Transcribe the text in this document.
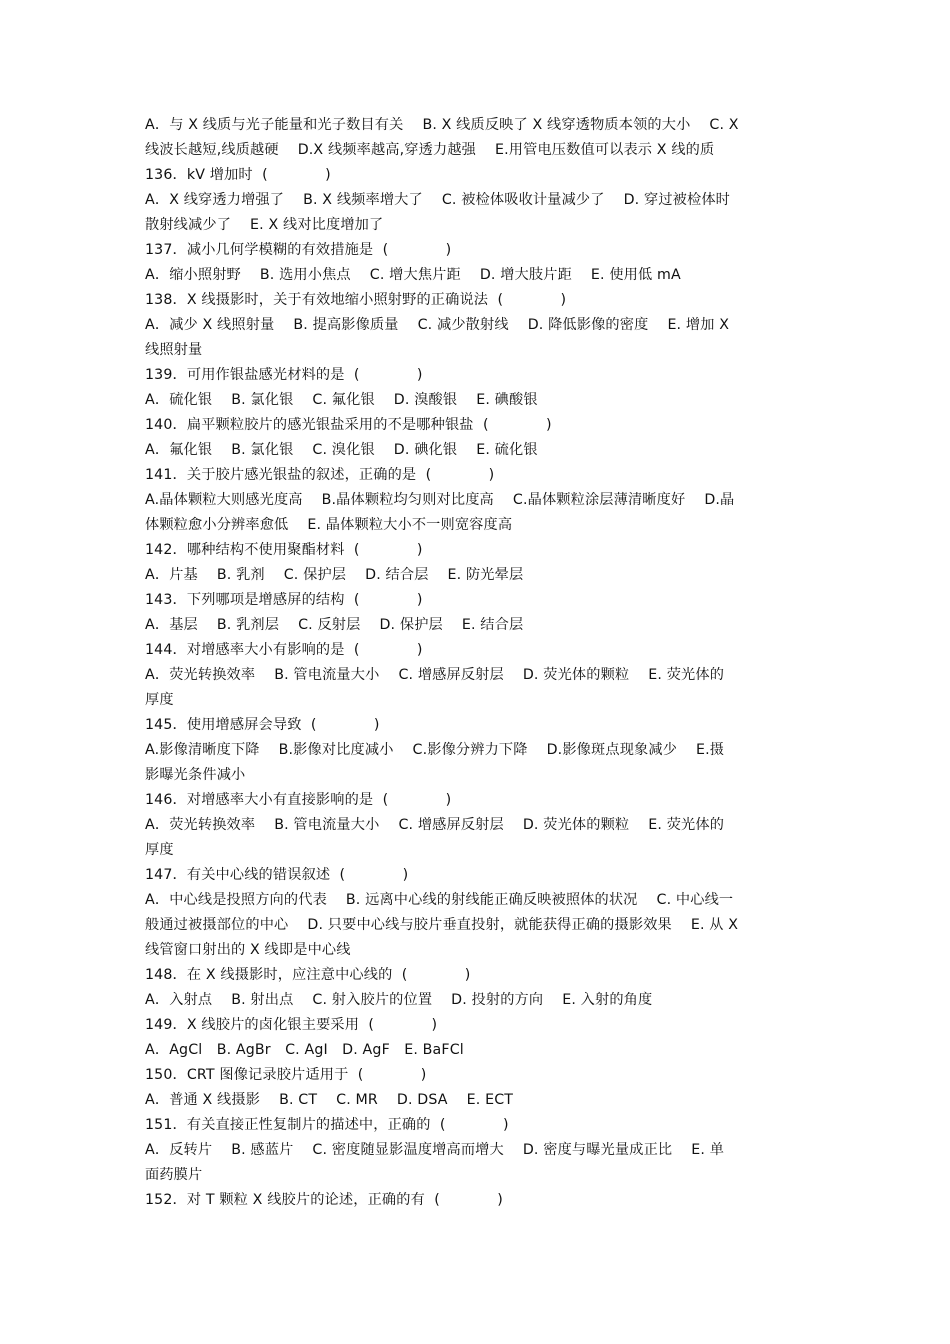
A．与 X 线质与光子能量和光子数目有关　 B. X 线质反映了 X 线穿透物质本领的大小　 C. X
线波长越短,线质越硬　 D.X 线频率越高,穿透力越强　 E.用管电压数值可以表示 X 线的质
136．kV 增加时  (　　　　)
A．X 线穿透力增强了　 B. X 线频率增大了　 C. 被检体吸收计量减少了　 D. 穿过被检体时
散射线减少了　 E. X 线对比度增加了
137．减小几何学模糊的有效措施是  (　　　　)
A．缩小照射野　 B. 选用小焦点　 C. 增大焦片距　 D. 增大肢片距　 E. 使用低 mA
138．X 线摄影时，关于有效地缩小照射野的正确说法  (　　　　)
A．减少 X 线照射量　 B. 提高影像质量　 C. 减少散射线　 D. 降低影像的密度　 E. 增加 X
线照射量
139．可用作银盐感光材料的是  (　　　　)
A．硫化银　 B. 氯化银　 C. 氟化银　 D. 溴酸银　 E. 碘酸银
140．扁平颗粒胶片的感光银盐采用的不是哪种银盐  (　　　　)
A．氟化银　 B. 氯化银　 C. 溴化银　 D. 碘化银　 E. 硫化银
141．关于胶片感光银盐的叙述，正确的是  (　　　　)
A.晶体颗粒大则感光度高　 B.晶体颗粒均匀则对比度高　 C.晶体颗粒涂层薄清晰度好　 D.晶
体颗粒愈小分辨率愈低　 E. 晶体颗粒大小不一则宽容度高
142．哪种结构不使用聚酯材料  (　　　　)
A．片基　 B. 乳剂　 C. 保护层　 D. 结合层　 E. 防光晕层
143．下列哪项是增感屏的结构  (　　　　)
A．基层　 B. 乳剂层　 C. 反射层　 D. 保护层　 E. 结合层
144．对增感率大小有影响的是  (　　　　)
A．荧光转换效率　 B. 管电流量大小　 C. 增感屏反射层　 D. 荧光体的颗粒　 E. 荧光体的
厚度
145．使用增感屏会导致  (　　　　)
A.影像清晰度下降　 B.影像对比度减小　 C.影像分辨力下降　 D.影像斑点现象减少　 E.摄
影曝光条件减小
146．对增感率大小有直接影响的是  (　　　　)
A．荧光转换效率　 B. 管电流量大小　 C. 增感屏反射层　 D. 荧光体的颗粒　 E. 荧光体的
厚度
147．有关中心线的错误叙述  (　　　　)
A．中心线是投照方向的代表　 B. 远离中心线的射线能正确反映被照体的状况　 C. 中心线一
般通过被摄部位的中心　 D. 只要中心线与胶片垂直投射，就能获得正确的摄影效果　 E. 从 X
线管窗口射出的 X 线即是中心线
148．在 X 线摄影时，应注意中心线的  (　　　　)
A．入射点　 B. 射出点　 C. 射入胶片的位置　 D. 投射的方向　 E. 入射的角度
149．X 线胶片的卤化银主要采用  (　　　　)
A．AgCl　B. AgBr　C. AgI　D. AgF　E. BaFCl
150．CRT 图像记录胶片适用于  (　　　　)
A．普通 X 线摄影　 B. CT　 C. MR　 D. DSA　 E. ECT
151．有关直接正性复制片的描述中，正确的  (　　　　)
A．反转片　 B. 感蓝片　 C. 密度随显影温度增高而增大　 D. 密度与曝光量成正比　 E. 单
面药膜片
152．对 T 颗粒 X 线胶片的论述，正确的有  (　　　　)
